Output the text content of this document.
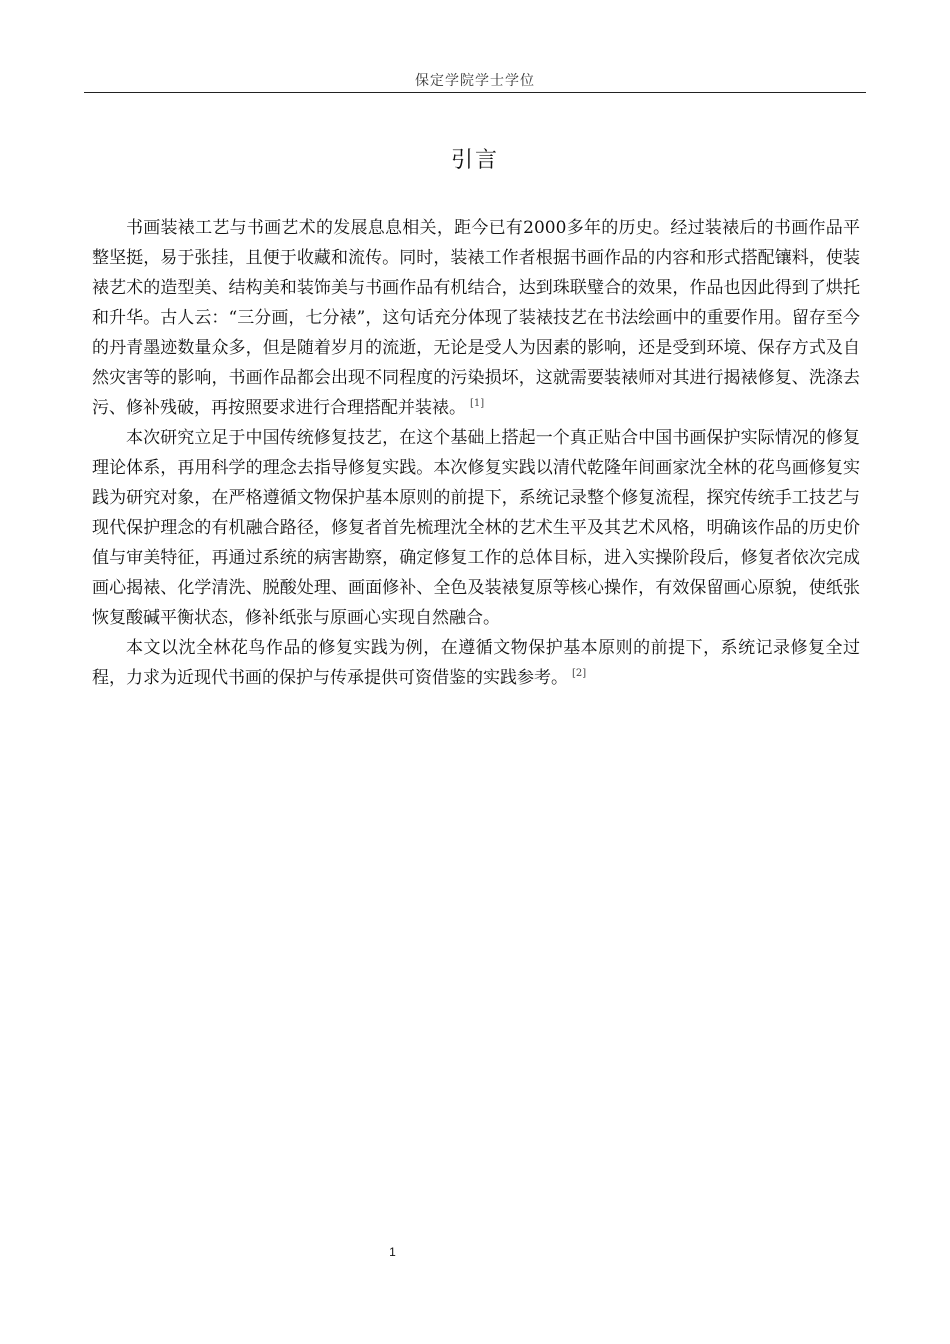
保定学院学士学位
引言

书画装裱工艺与书画艺术的发展息息相关，距今已有2000多年的历史。经过装裱后的书画作品平整坚挺，易于张挂，且便于收藏和流传。同时，装裱工作者根据书画作品的内容和形式搭配镶料，使装裱艺术的造型美、结构美和装饰美与书画作品有机结合，达到珠联璧合的效果，作品也因此得到了烘托和升华。古人云：“三分画，七分裱”，这句话充分体现了装裱技艺在书法绘画中的重要作用。留存至今的丹青墨迹数量众多，但是随着岁月的流逝，无论是受人为因素的影响，还是受到环境、保存方式及自然灾害等的影响，书画作品都会出现不同程度的污染损坏，这就需要装裱师对其进行揭裱修复、洗涤去污、修补残破，再按照要求进行合理搭配并装裱。 [1]

本次研究立足于中国传统修复技艺，在这个基础上搭起一个真正贴合中国书画保护实际情况的修复理论体系，再用科学的理念去指导修复实践。本次修复实践以清代乾隆年间画家沈全林的花鸟画修复实践为研究对象，在严格遵循文物保护基本原则的前提下，系统记录整个修复流程，探究传统手工技艺与现代保护理念的有机融合路径，修复者首先梳理沈全林的艺术生平及其艺术风格，明确该作品的历史价值与审美特征，再通过系统的病害勘察，确定修复工作的总体目标，进入实操阶段后，修复者依次完成画心揭裱、化学清洗、脱酸处理、画面修补、全色及装裱复原等核心操作，有效保留画心原貌，使纸张恢复酸碱平衡状态，修补纸张与原画心实现自然融合。

本文以沈全林花鸟作品的修复实践为例，在遵循文物保护基本原则的前提下，系统记录修复全过程，力求为近现代书画的保护与传承提供可资借鉴的实践参考。 [2]

1
